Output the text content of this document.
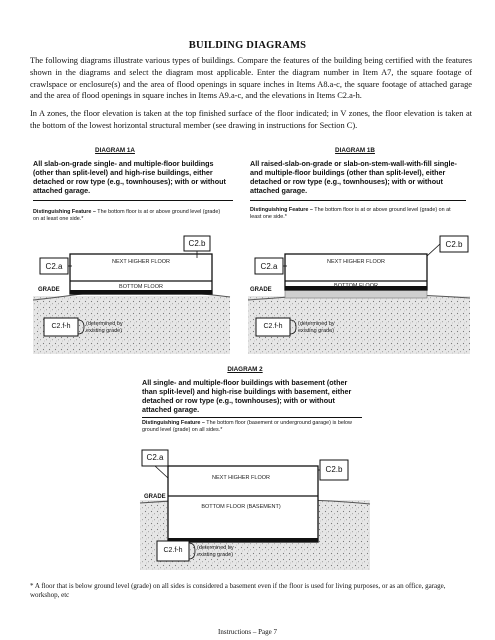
BUILDING DIAGRAMS
The following diagrams illustrate various types of buildings. Compare the features of the building being certified with the features shown in the diagrams and select the diagram most applicable. Enter the diagram number in Item A7, the square footage of crawlspace or enclosure(s) and the area of flood openings in square inches in Items A8.a-c, the square footage of attached garage and the area of flood openings in square inches in Items A9.a-c, and the elevations in Items C2.a-h.
In A zones, the floor elevation is taken at the top finished surface of the floor indicated; in V zones, the floor elevation is taken at the bottom of the lowest horizontal structural member (see drawing in instructions for Section C).
DIAGRAM 1A
All slab-on-grade single- and multiple-floor buildings (other than split-level) and high-rise buildings, either detached or row type (e.g., townhouses); with or without attached garage.
Distinguishing Feature – The bottom floor is at or above ground level (grade) on at least one side.*
C2.b
C2.a	NEXT HIGHER FLOOR
BOTTOM FLOOR
GRADE
C2.f-h	(determined by existing grade)
DIAGRAM 1B
All raised-slab-on-grade or slab-on-stem-wall-with-fill single- and multiple-floor buildings (other than split-level), either detached or row type (e.g., townhouses); with or without attached garage.
Distinguishing Feature – The bottom floor is at or above ground level (grade) on at least one side.*
C2.b
C2.a	NEXT HIGHER FLOOR
BOTTOM FLOOR
GRADE
C2.f-h	(determined by existing grade)
DIAGRAM 2
All single- and multiple-floor buildings with basement (other than split-level) and high-rise buildings with basement, either detached or row type (e.g., townhouses); with or without attached garage.
Distinguishing Feature – The bottom floor (basement or underground garage) is below ground level (grade) on all sides.*
C2.a
C2.b
NEXT HIGHER FLOOR
BOTTOM FLOOR (BASEMENT)
GRADE
C2.f-h	(determined by existing grade)
* A floor that is below ground level (grade) on all sides is considered a basement even if the floor is used for living purposes, or as an office, garage, workshop, etc
Instructions – Page 7
